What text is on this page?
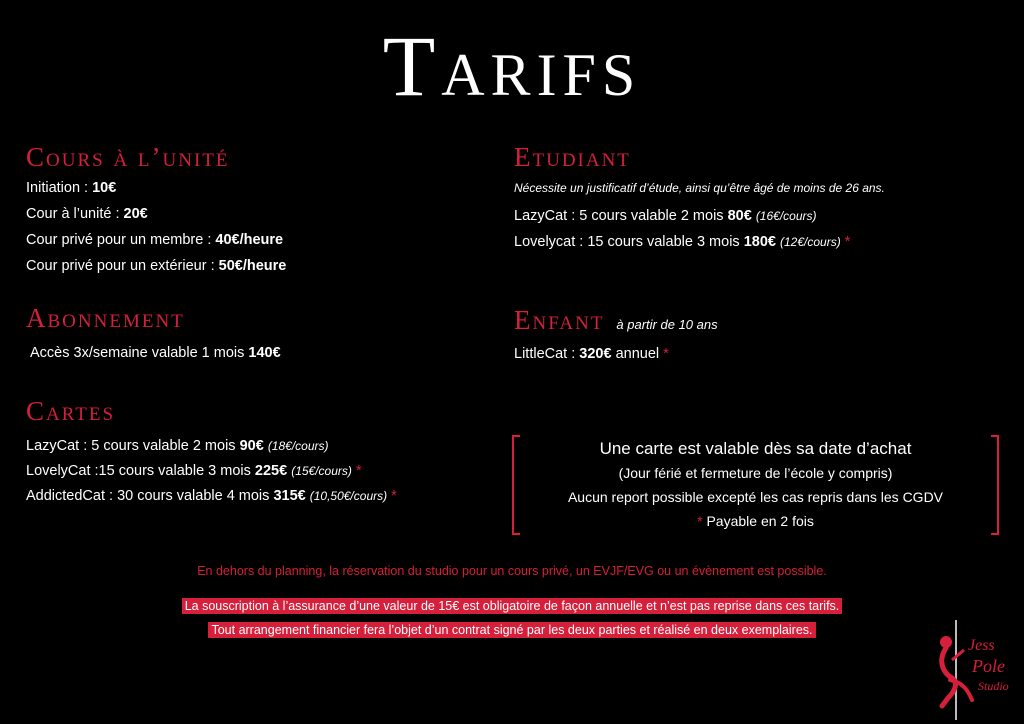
Tarifs
Cours à l’unité
Initiation : 10€
Cour à l’unité : 20€
Cour privé pour un membre : 40€/heure
Cour privé pour un extérieur : 50€/heure
Abonnement
Accès 3x/semaine valable 1 mois 140€
Cartes
LazyCat : 5 cours valable 2 mois 90€ (18€/cours)
LovelyCat :15 cours valable 3 mois 225€ (15€/cours) *
AddictedCat : 30 cours valable 4 mois 315€ (10,50€/cours) *
Etudiant
Nécessite un justificatif d’étude, ainsi qu’être âgé de moins de 26 ans.
LazyCat : 5 cours valable 2 mois 80€ (16€/cours)
Lovelycat : 15 cours valable 3 mois 180€ (12€/cours) *
Enfant à partir de 10 ans
LittleCat : 320€ annuel *
Une carte est valable dès sa date d’achat
(Jour férié et fermeture de l’école y compris)
Aucun report possible excepté les cas repris dans les CGDV
* Payable en 2 fois
En dehors du planning, la réservation du studio pour un cours privé, un EVJF/EVG ou un évènement est possible.
La souscription à l’assurance d’une valeur de 15€ est obligatoire de façon annuelle et n’est pas reprise dans ces tarifs.
Tout arrangement financier fera l’objet d’un contrat signé par les deux parties et réalisé en deux exemplaires.
Jess
Pole
Studio
